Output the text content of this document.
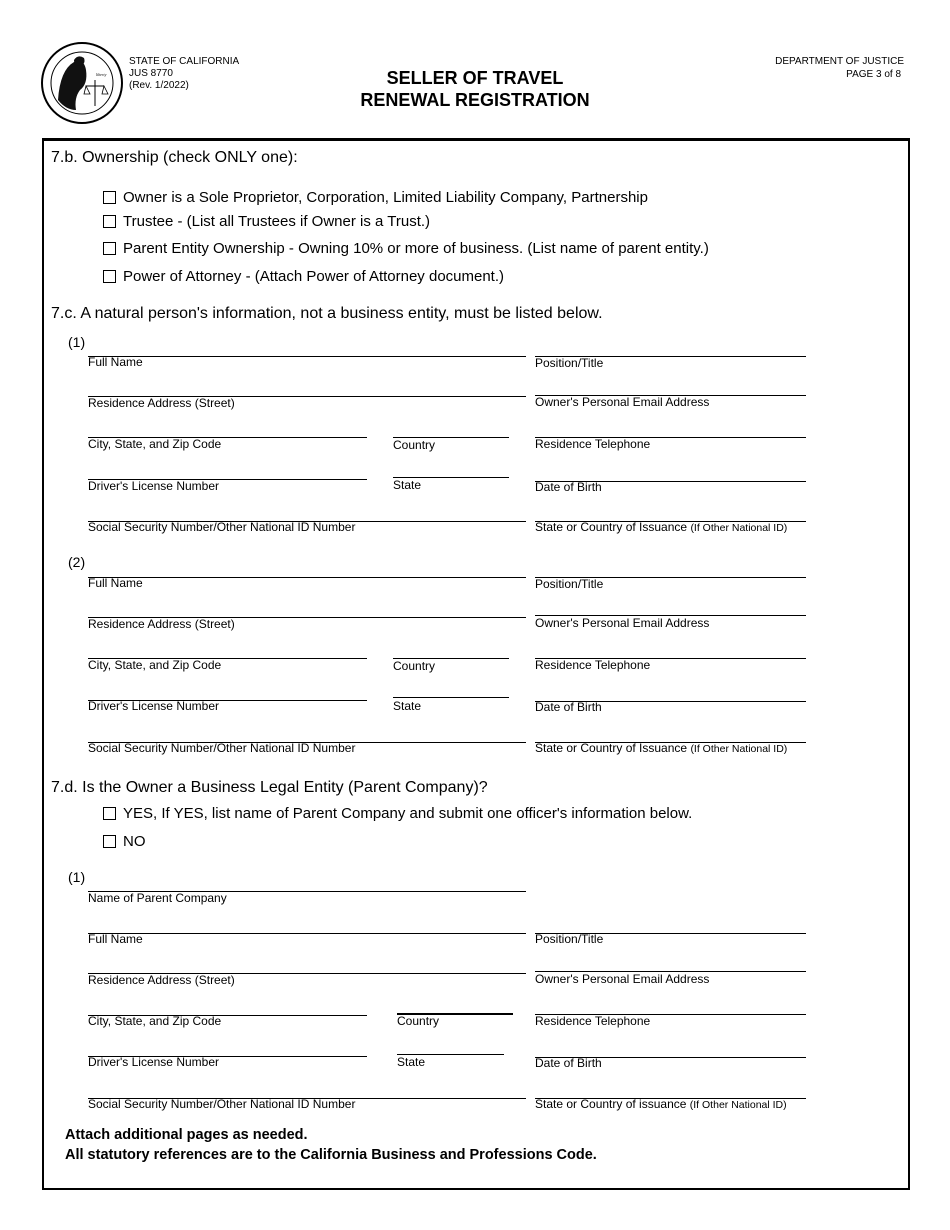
liberty
STATE OF CALIFORNIA
JUS 8770
(Rev. 1/2022)	SELLER OF TRAVEL
RENEWAL REGISTRATION
DEPARTMENT OF JUSTICE
PAGE 3 of 8
7.b. Ownership (check ONLY one):
Owner is a Sole Proprietor, Corporation, Limited Liability Company, Partnership
Trustee - (List all Trustees if Owner is a Trust.)
Parent Entity Ownership - Owning 10% or more of business. (List name of parent entity.)
Power of Attorney - (Attach Power of Attorney document.)
7.c. A natural person's information, not a business entity, must be listed below.
(1)
Full Name	Position/Title
Residence Address (Street)	Owner's Personal Email Address
City, State, and Zip Code	Country	Residence Telephone
Driver's License Number	State	Date of Birth
Social Security Number/Other National ID Number	State or Country of Issuance (If Other National ID)
(2)
Full Name	Position/Title
Residence Address (Street)	Owner's Personal Email Address
City, State, and Zip Code	Country	Residence Telephone
Driver's License Number	State	Date of Birth
Social Security Number/Other National ID Number	State or Country of Issuance (If Other National ID)
7.d. Is the Owner a Business Legal Entity (Parent Company)?
YES, If YES, list name of Parent Company and submit one officer's information below.
NO
(1)
Name of Parent Company
Full Name	Position/Title
Residence Address (Street)	Owner's Personal Email Address
City, State, and Zip Code	Country	Residence Telephone
Driver's License Number	State	Date of Birth
Social Security Number/Other National ID Number	State or Country of issuance (If Other National ID)
Attach additional pages as needed.
All statutory references are to the California Business and Professions Code.
